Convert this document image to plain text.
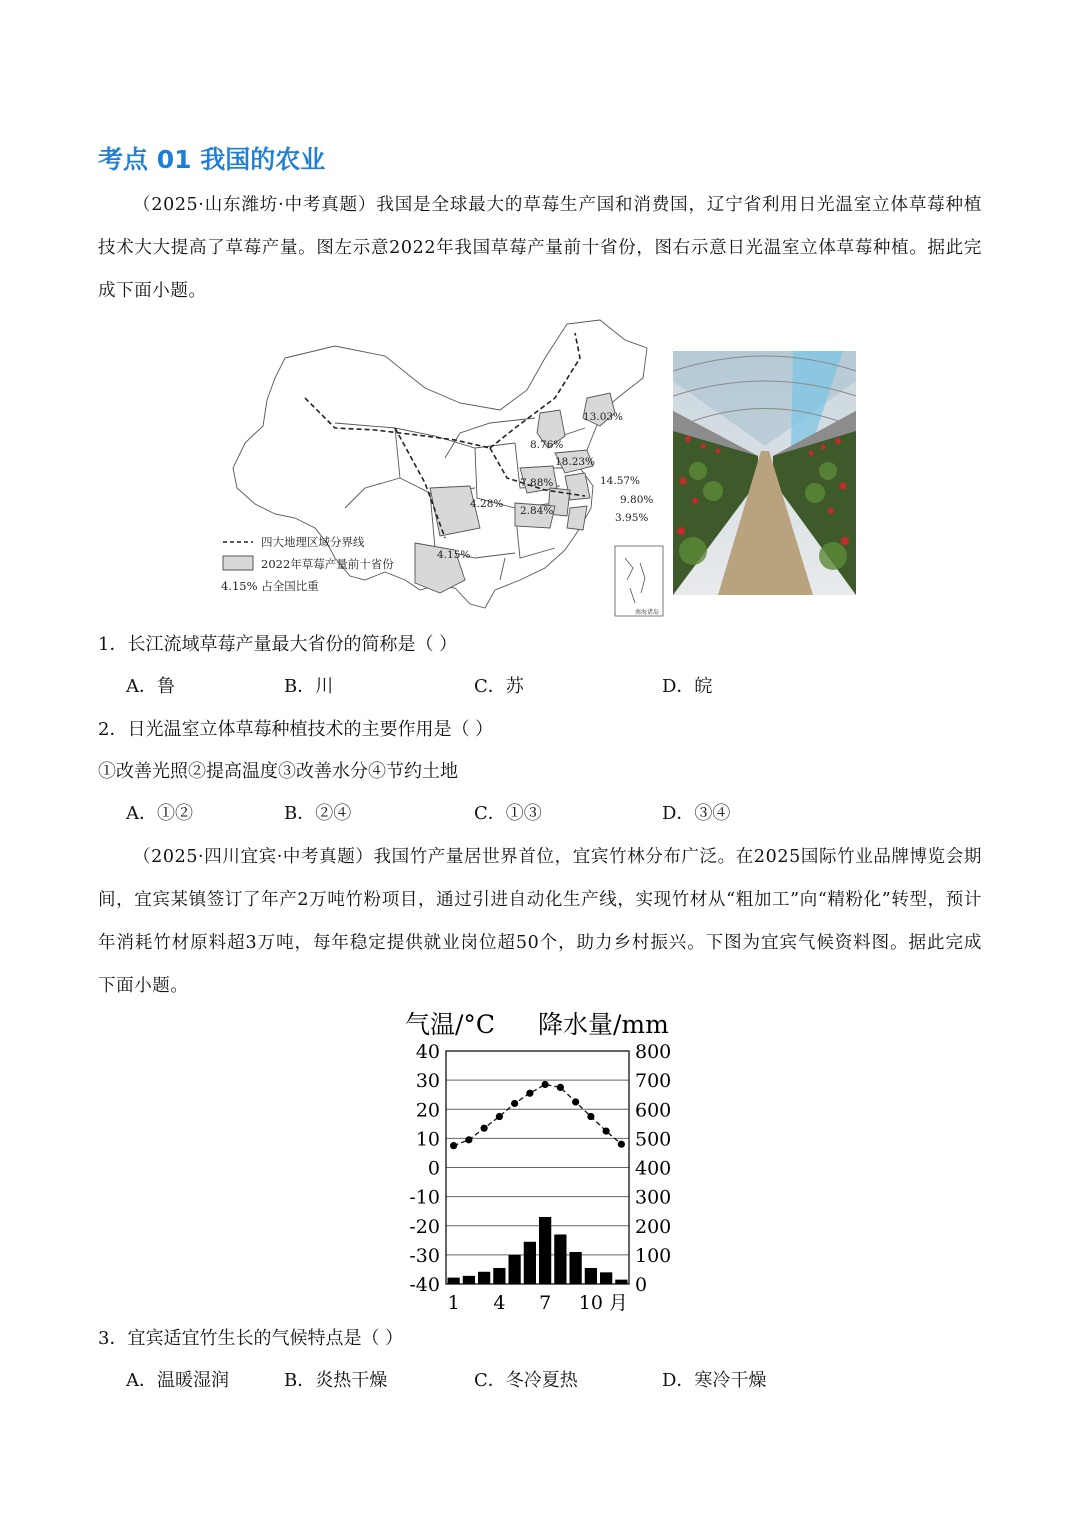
考点 01 我国的农业
（2025·山东潍坊·中考真题）我国是全球最大的草莓生产国和消费国，辽宁省利用日光温室立体草莓种植技术大大提高了草莓产量。图左示意2022年我国草莓产量前十省份，图右示意日光温室立体草莓种植。据此完成下面小题。
13.03%
8.76%
18.23%
7.88%	14.57%
9.80%
3.95%
4.28%
2.84%
4.15%
四大地理区域分界线
2022年草莓产量前十省份
4.15% 占全国比重
南海诸岛
1．长江流域草莓产量最大省份的简称是（ ）
A．鲁	B．川	C．苏	D．皖
2．日光温室立体草莓种植技术的主要作用是（ ）
①改善光照②提高温度③改善水分④节约土地
A．①②	B．②④	C．①③	D．③④
（2025·四川宜宾·中考真题）我国竹产量居世界首位，宜宾竹林分布广泛。在2025国际竹业品牌博览会期间，宜宾某镇签订了年产2万吨竹粉项目，通过引进自动化生产线，实现竹材从“粗加工”向“精粉化”转型，预计年消耗竹材原料超3万吨，每年稳定提供就业岗位超50个，助力乡村振兴。下图为宜宾气候资料图。据此完成下面小题。
气温/°C 降水量/mm
40	800
30	700
20	600
10	500
0	400
-10	300
-20	200
-30	100
-40	0
1 4 7 10 月
3．宜宾适宜竹生长的气候特点是（ ）
A．温暖湿润	B．炎热干燥	C．冬冷夏热	D．寒冷干燥
